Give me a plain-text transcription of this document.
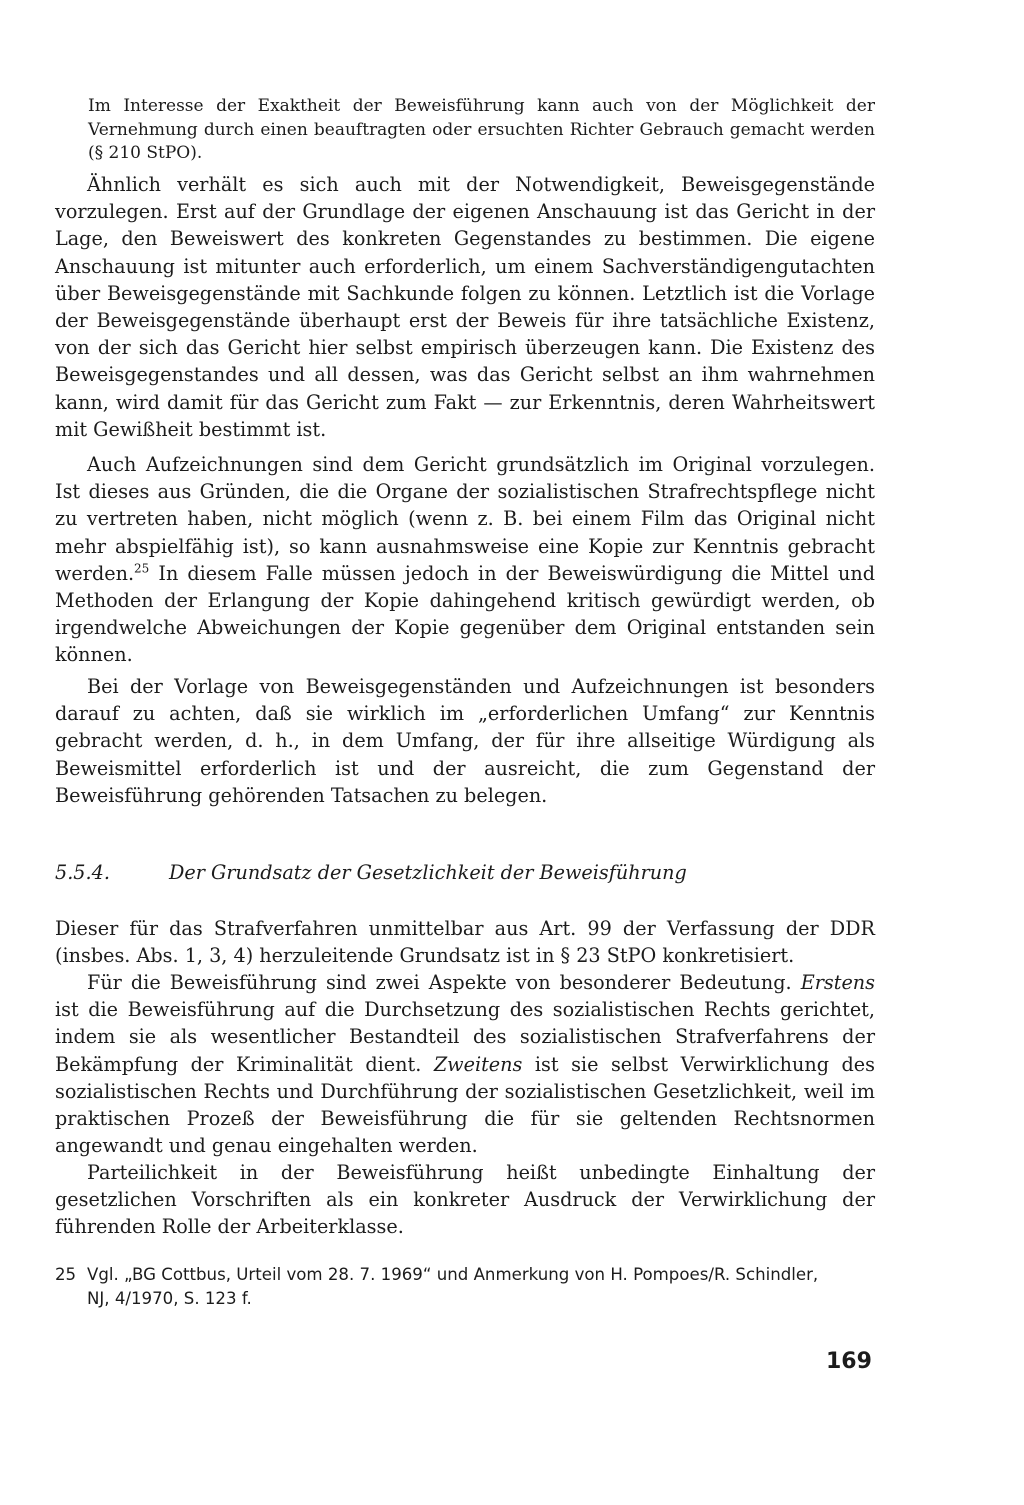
Im Interesse der Exaktheit der Beweisführung kann auch von der Möglichkeit der Vernehmung durch einen beauftragten oder ersuchten Richter Gebrauch gemacht werden (§ 210 StPO).

Ähnlich verhält es sich auch mit der Notwendigkeit, Beweisgegenstände vorzulegen. Erst auf der Grundlage der eigenen Anschauung ist das Gericht in der Lage, den Beweiswert des konkreten Gegenstandes zu bestimmen. Die eigene Anschauung ist mitunter auch erforderlich, um einem Sachverständigengutachten über Beweisgegenstände mit Sachkunde folgen zu können. Letztlich ist die Vorlage der Beweisgegenstände überhaupt erst der Beweis für ihre tatsächliche Existenz, von der sich das Gericht hier selbst empirisch überzeugen kann. Die Existenz des Beweisgegenstandes und all dessen, was das Gericht selbst an ihm wahrnehmen kann, wird damit für das Gericht zum Fakt — zur Erkenntnis, deren Wahrheitswert mit Gewißheit bestimmt ist.

Auch Aufzeichnungen sind dem Gericht grundsätzlich im Original vorzulegen. Ist dieses aus Gründen, die die Organe der sozialistischen Strafrechtspflege nicht zu vertreten haben, nicht möglich (wenn z. B. bei einem Film das Original nicht mehr abspielfähig ist), so kann ausnahmsweise eine Kopie zur Kenntnis gebracht werden.$^{25}$ In diesem Falle müssen jedoch in der Beweiswürdigung die Mittel und Methoden der Erlangung der Kopie dahingehend kritisch gewürdigt werden, ob irgendwelche Abweichungen der Kopie gegenüber dem Original entstanden sein können.

Bei der Vorlage von Beweisgegenständen und Aufzeichnungen ist besonders darauf zu achten, daß sie wirklich im „erforderlichen Umfang“ zur Kenntnis gebracht werden, d. h., in dem Umfang, der für ihre allseitige Würdigung als Beweismittel erforderlich ist und der ausreicht, die zum Gegenstand der Beweisführung gehörenden Tatsachen zu belegen.

5.5.4.	Der Grundsatz der Gesetzlichkeit der Beweisführung

Dieser für das Strafverfahren unmittelbar aus Art. 99 der Verfassung der DDR (insbes. Abs. 1, 3, 4) herzuleitende Grundsatz ist in § 23 StPO konkretisiert.

Für die Beweisführung sind zwei Aspekte von besonderer Bedeutung. Erstens ist die Beweisführung auf die Durchsetzung des sozialistischen Rechts gerichtet, indem sie als wesentlicher Bestandteil des sozialistischen Strafverfahrens der Bekämpfung der Kriminalität dient. Zweitens ist sie selbst Verwirklichung des sozialistischen Rechts und Durchführung der sozialistischen Gesetzlichkeit, weil im praktischen Prozeß der Beweisführung die für sie geltenden Rechtsnormen angewandt und genau eingehalten werden.

Parteilichkeit in der Beweisführung heißt unbedingte Einhaltung der gesetzlichen Vorschriften als ein konkreter Ausdruck der Verwirklichung der führenden Rolle der Arbeiterklasse.

25 Vgl. „BG Cottbus, Urteil vom 28. 7. 1969“ und Anmerkung von H. Pompoes/R. Schindler,
NJ, 4/1970, S. 123 f.

169
